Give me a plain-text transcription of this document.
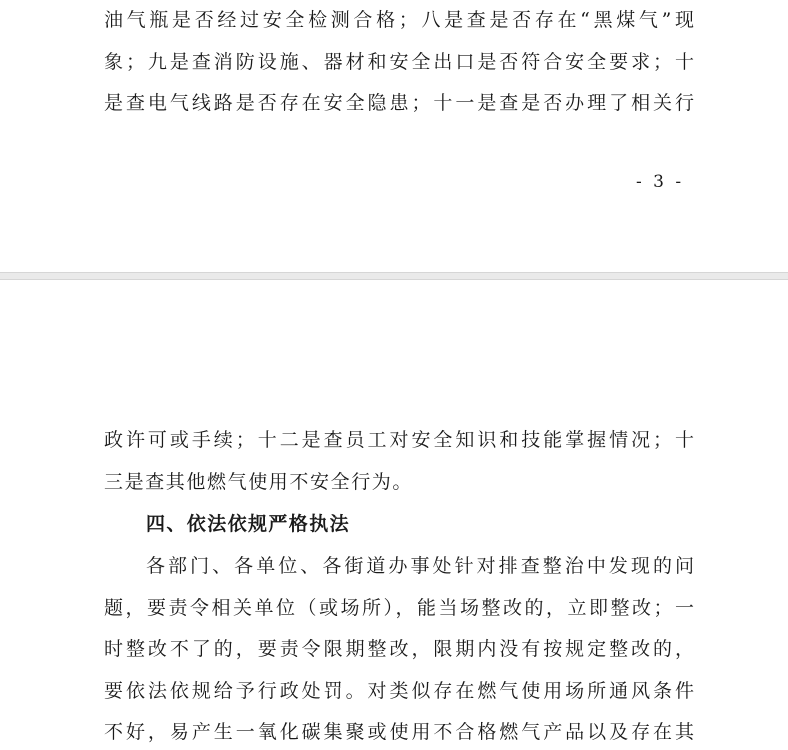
油气瓶是否经过安全检测合格；八是查是否存在“黑煤气”现
象；九是查消防设施、器材和安全出口是否符合安全要求；十
是查电气线路是否存在安全隐患；十一是查是否办理了相关行
- 3 -
政许可或手续；十二是查员工对安全知识和技能掌握情况；十
三是查其他燃气使用不安全行为。
四、依法依规严格执法
各部门、各单位、各街道办事处针对排查整治中发现的问
题，要责令相关单位（或场所），能当场整改的，立即整改；一
时整改不了的，要责令限期整改，限期内没有按规定整改的，
要依法依规给予行政处罚。对类似存在燃气使用场所通风条件
不好，易产生一氧化碳集聚或使用不合格燃气产品以及存在其
